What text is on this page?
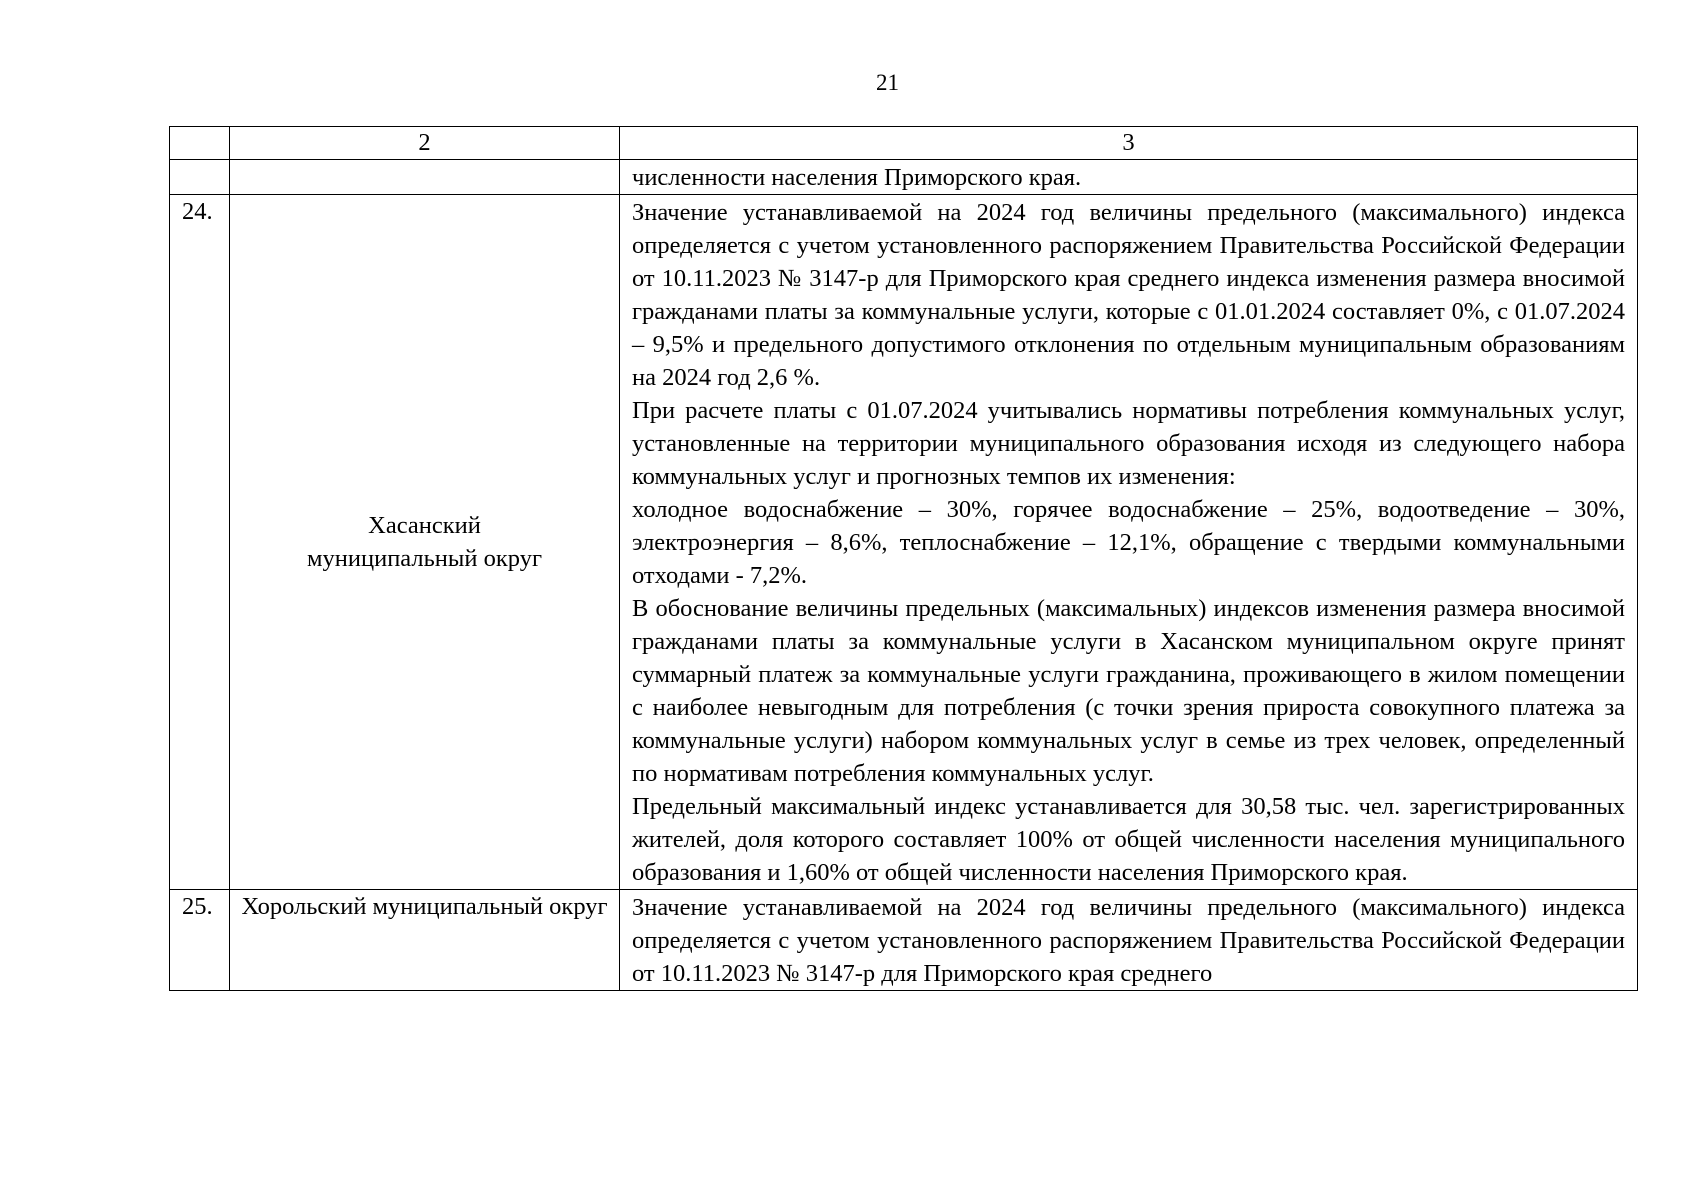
21
	2	3

		численности населения Приморского края.

24.	Хасанский муниципальный округ	Значение устанавливаемой на 2024 год величины предельного (максимального) индекса определяется с учетом установленного распоряжением Правительства Российской Федерации от 10.11.2023 № 3147-р для Приморского края среднего индекса изменения размера вносимой гражданами платы за коммунальные услуги, которые с 01.01.2024 составляет 0%, с 01.07.2024 – 9,5% и предельного допустимого отклонения по отдельным муниципальным образованиям на 2024 год 2,6 %.

При расчете платы с 01.07.2024 учитывались нормативы потребления коммунальных услуг, установленные на территории муниципального образования исходя из следующего набора коммунальных услуг и прогнозных темпов их изменения:

холодное водоснабжение – 30%, горячее водоснабжение – 25%, водоотведение – 30%, электроэнергия – 8,6%, теплоснабжение – 12,1%, обращение с твердыми коммунальными отходами - 7,2%.

В обоснование величины предельных (максимальных) индексов изменения размера вносимой гражданами платы за коммунальные услуги в Хасанском муниципальном округе принят суммарный платеж за коммунальные услуги гражданина, проживающего в жилом помещении с наиболее невыгодным для потребления (с точки зрения прироста совокупного платежа за коммунальные услуги) набором коммунальных услуг в семье из трех человек, определенный по нормативам потребления коммунальных услуг.

Предельный максимальный индекс устанавливается для 30,58 тыс. чел. зарегистрированных жителей, доля которого составляет 100% от общей численности населения муниципального образования и 1,60% от общей численности населения Приморского края.

25.	Хорольский муниципальный округ	Значение устанавливаемой на 2024 год величины предельного (максимального) индекса определяется с учетом установленного распоряжением Правительства Российской Федерации от 10.11.2023 № 3147-р для Приморского края среднего
